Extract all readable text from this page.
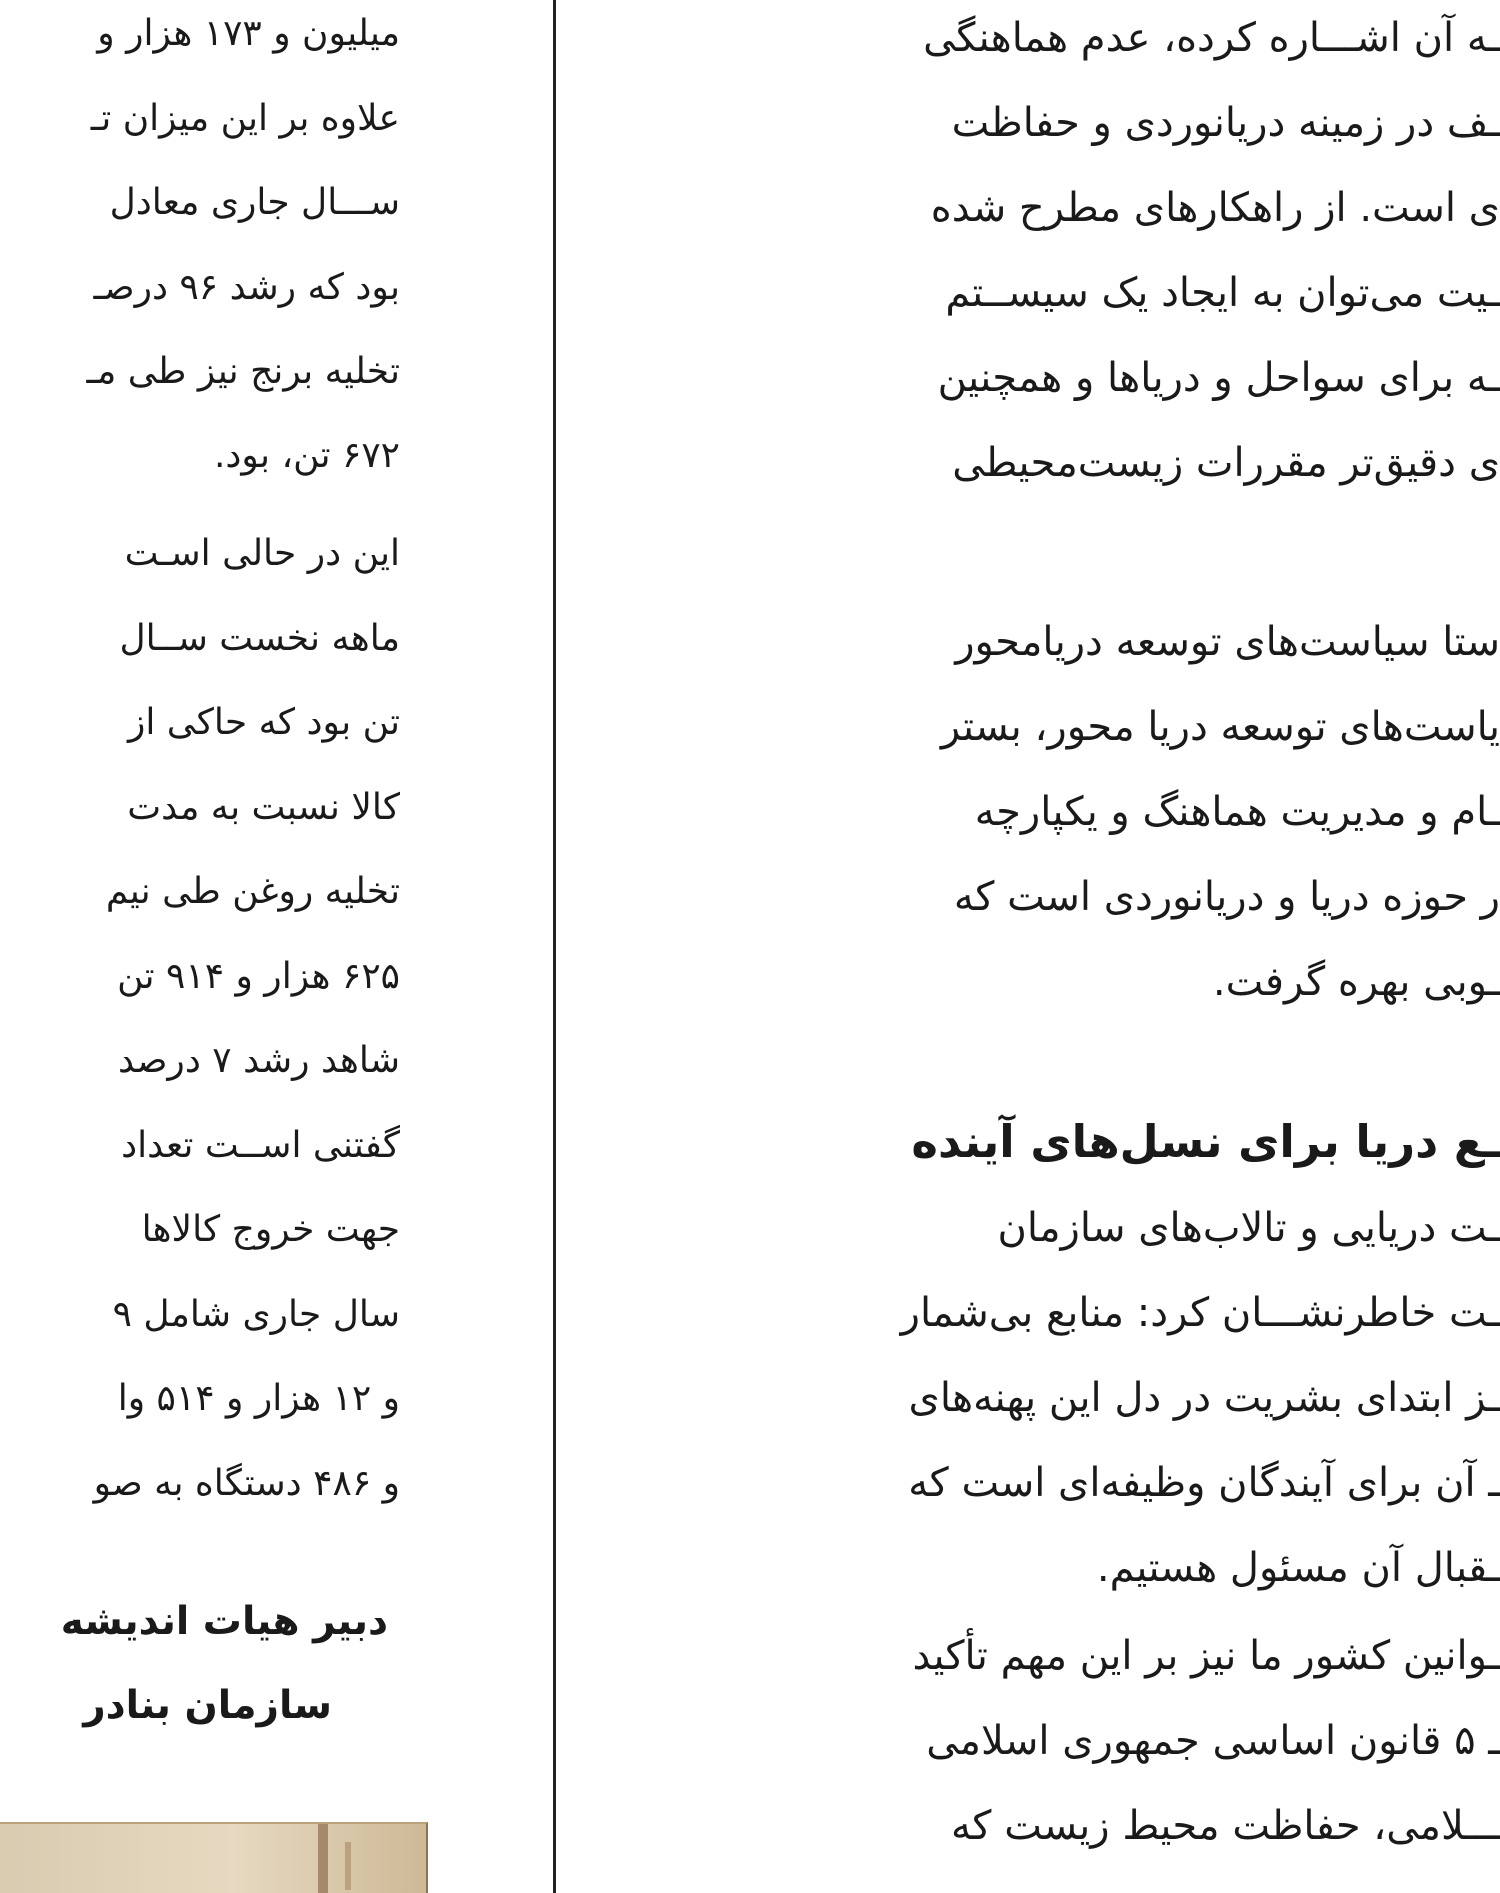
میلیون و ۱۷۳ هزار و
علاوه بر این میزان تـ
ســـال جاری معادل
بود که رشد ۹۶ درصـ
تخلیه برنج نیز طی مـ
۶۷۲ تن، بود.
این در حالی اسـت
ماهه نخست ســال
تن بود که حاکی از
کالا نسبت به مدت
تخلیه روغن طی نیم
۶۲۵ هزار و ۹۱۴ تن
شاهد رشد ۷ درصد
گفتنی اســت تعداد
جهت خروج کالاها
سال جاری شامل ۹
و ۱۲ هزار و ۵۱۴ وا
و ۴۸۶ دستگاه به صو
دبیر هیات اندیشه
سازمان بنادر
ـه آن اشـــاره کرده، عدم هماهنگی
ـف در زمینه دریانوردی و حفاظت
ی است. از راهکارهای مطرح شده
ـیت می‌توان به ایجاد یک سیســتم
ـه برای سواحل و دریاها و همچنین
ی دقیق‌تر مقررات زیست‌محیطی
ستا سیاست‌های توسعه دریامحور
یاست‌های توسعه دریا محور، بستر
ـام و مدیریت هماهنگ و یکپارچه
ر حوزه دریا و دریانوردی است که
ـوبی بهره گرفت.
ـع دریا برای نسل‌های آینده
ـت دریایی و تالاب‌های سازمان
ـت خاطرنشـــان کرد: منابع بی‌شمار
ـز ابتدای بشریت در دل این پهنه‌های
ـ آن برای آیندگان وظیفه‌ای است که
ـقبال آن مسئول هستیم.
ـوانین کشور ما نیز بر این مهم تأکید
ـ ۵ قانون اساسی جمهوری اسلامی
ـــلامی، حفاظت محیط زیست که
